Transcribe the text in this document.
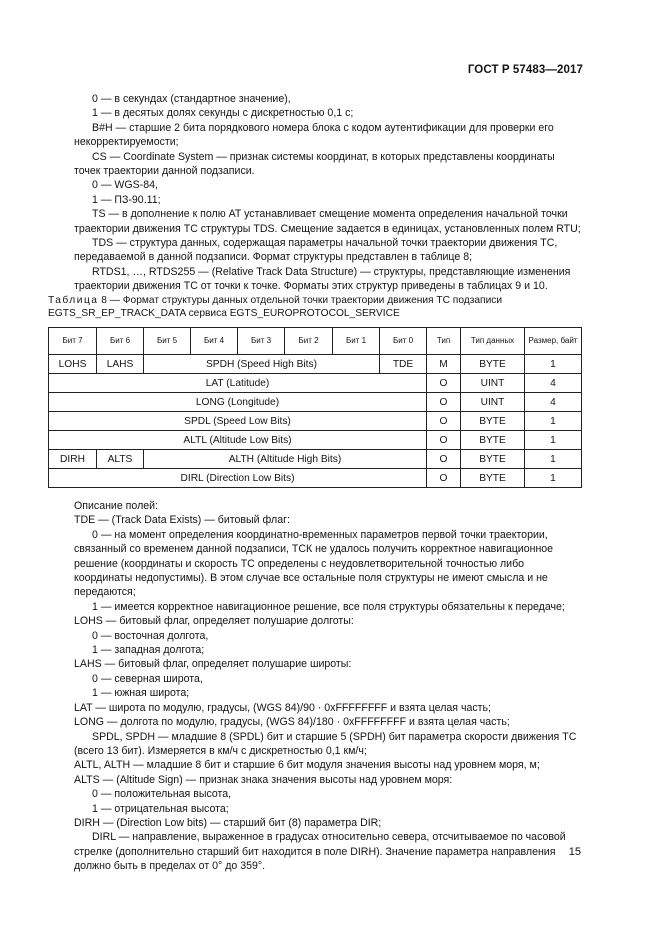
ГОСТ Р 57483—2017

0 — в секундах (стандартное значение),

1 — в десятых долях секунды с дискретностью 0,1 с;

B#H — старшие 2 бита порядкового номера блока с кодом аутентификации для проверки его некорректируемости;

CS — Coordinate System — признак системы координат, в которых представлены координаты точек траектории данной подзаписи.

0 — WGS-84,

1 — ПЗ-90.11;

TS — в дополнение к полю AT устанавливает смещение момента определения начальной точки траектории движения ТС структуры TDS. Смещение задается в единицах, установленных полем RTU;

TDS — структура данных, содержащая параметры начальной точки траектории движения ТС, передаваемой в данной подзаписи. Формат структуры представлен в таблице 8;

RTDS1, …, RTDS255 — (Relative Track Data Structure) — структуры, представляющие изменения траектории движения ТС от точки к точке. Форматы этих структур приведены в таблицах 9 и 10.

Таблица 8 — Формат структуры данных отдельной точки траектории движения ТС подзаписи EGTS_SR_EP_TRACK_DATA сервиса EGTS_EUROPROTOCOL_SERVICE
Бит 7	Бит 6	Бит 5	Бит 4	Бит 3	Бит 2	Бит 1	Бит 0	Тип	Тип данных	Размер, байт
LOHS	LAHS	SPDH (Speed High Bits)					TDE	M	BYTE	1
LAT (Latitude)								O	UINT	4
LONG (Longitude)								O	UINT	4
SPDL (Speed Low Bits)								O	BYTE	1
ALTL (Altitude Low Bits)								O	BYTE	1
DIRH	ALTS	ALTH (Altitude High Bits)						O	BYTE	1
DIRL (Direction Low Bits)								O	BYTE	1

Описание полей:

TDE — (Track Data Exists) — битовый флаг:

0 — на момент определения координатно-временных параметров первой точки траектории, связанный со временем данной подзаписи, ТСК не удалось получить корректное навигационное решение (координаты и скорость ТС определены с неудовлетворительной точностью либо координаты недопустимы). В этом случае все остальные поля структуры не имеют смысла и не передаются;

1 — имеется корректное навигационное решение, все поля структуры обязательны к передаче;

LOHS — битовый флаг, определяет полушарие долготы:

0 — восточная долгота,

1 — западная долгота;

LAHS — битовый флаг, определяет полушарие широты:

0 — северная широта,

1 — южная широта;

LAT — широта по модулю, градусы, (WGS 84)/90 · 0xFFFFFFFF и взята целая часть;

LONG — долгота по модулю, градусы, (WGS 84)/180 · 0xFFFFFFFF и взята целая часть;

SPDL, SPDH — младшие 8 (SPDL) бит и старшие 5 (SPDH) бит параметра скорости движения ТС (всего 13 бит). Измеряется в км/ч с дискретностью 0,1 км/ч;

ALTL, ALTH — младшие 8 бит и старшие 6 бит модуля значения высоты над уровнем моря, м;

ALTS — (Altitude Sign) — признак знака значения высоты над уровнем моря:

0 — положительная высота,

1 — отрицательная высота;

DIRH — (Direction Low bits) — старший бит (8) параметра DIR;

DIRL — направление, выраженное в градусах относительно севера, отсчитываемое по часовой стрелке (дополнительно старший бит находится в поле DIRH). Значение параметра направления должно быть в пределах от 0° до 359°.

15
